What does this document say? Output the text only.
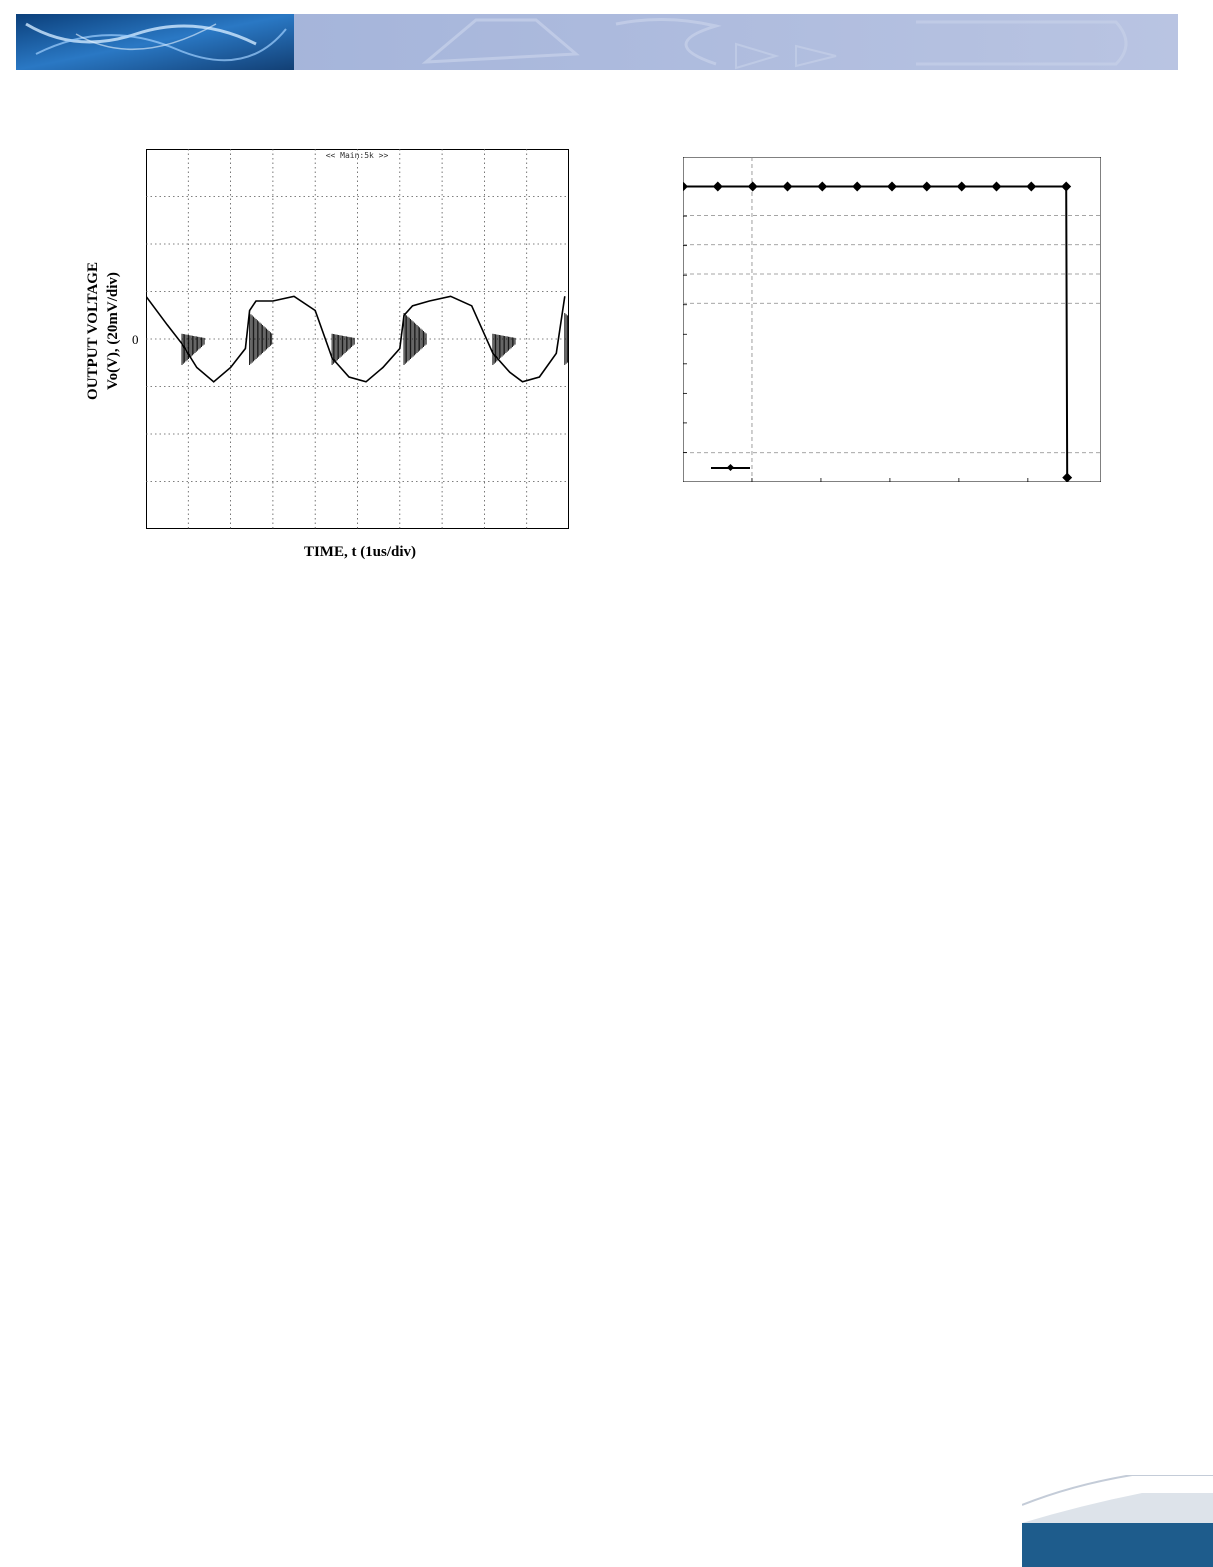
<< Main:5k >>
0
OUTPUT VOLTAGE Vo(V), (20mV/div)
TIME, t (1us/div)
